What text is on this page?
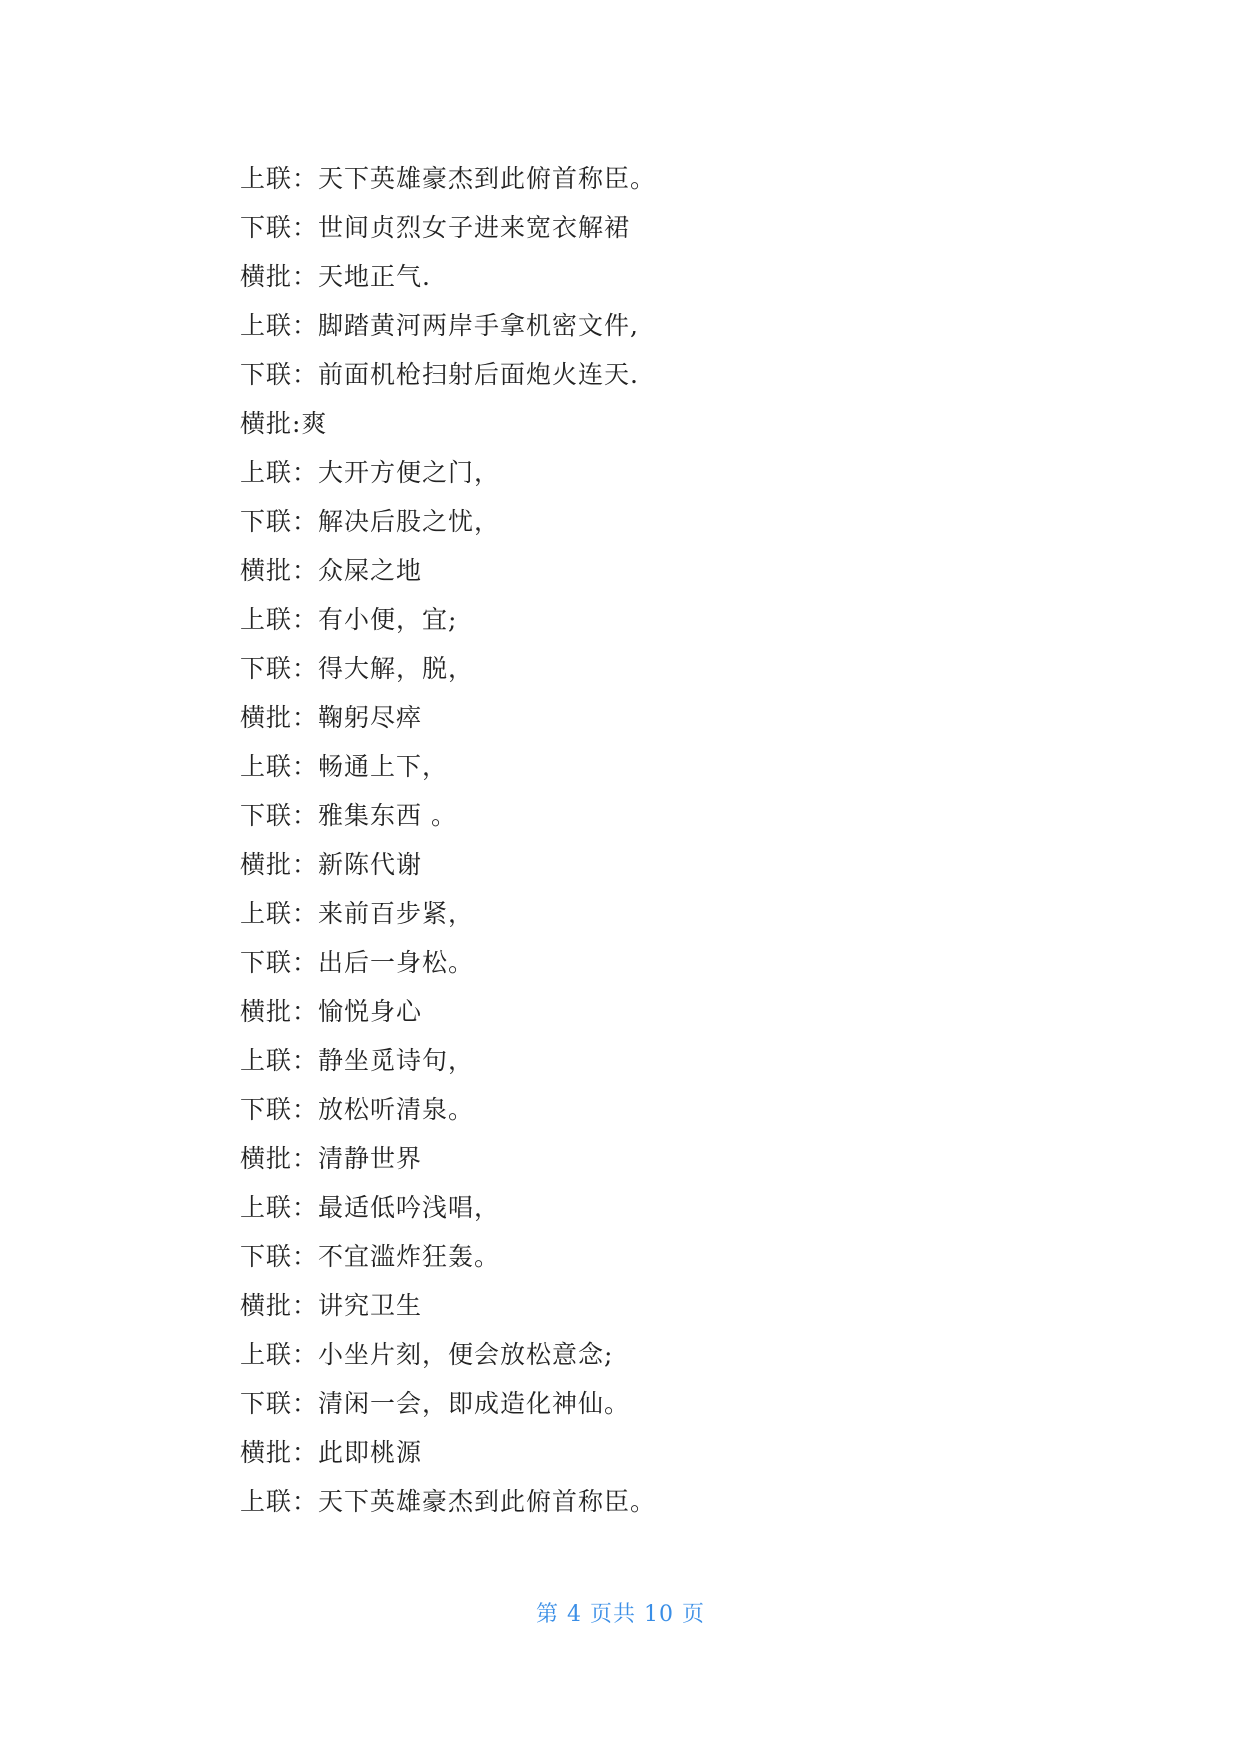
上联：天下英雄豪杰到此俯首称臣。
下联：世间贞烈女子进来宽衣解裙
横批：天地正气.
上联：脚踏黄河两岸手拿机密文件,
下联：前面机枪扫射后面炮火连天.
横批:爽
上联：大开方便之门，
下联：解决后股之忧，
横批：众屎之地
上联：有小便，宜;
下联：得大解，脱，
横批：鞠躬尽瘁
上联：畅通上下，
下联：雅集东西 。
横批：新陈代谢
上联：来前百步紧，
下联：出后一身松。
横批：愉悦身心
上联：静坐觅诗句，
下联：放松听清泉。
横批：清静世界
上联：最适低吟浅唱，
下联：不宜滥炸狂轰。
横批：讲究卫生
上联：小坐片刻，便会放松意念;
下联：清闲一会，即成造化神仙。
横批：此即桃源
上联：天下英雄豪杰到此俯首称臣。
第 4 页共 10 页
